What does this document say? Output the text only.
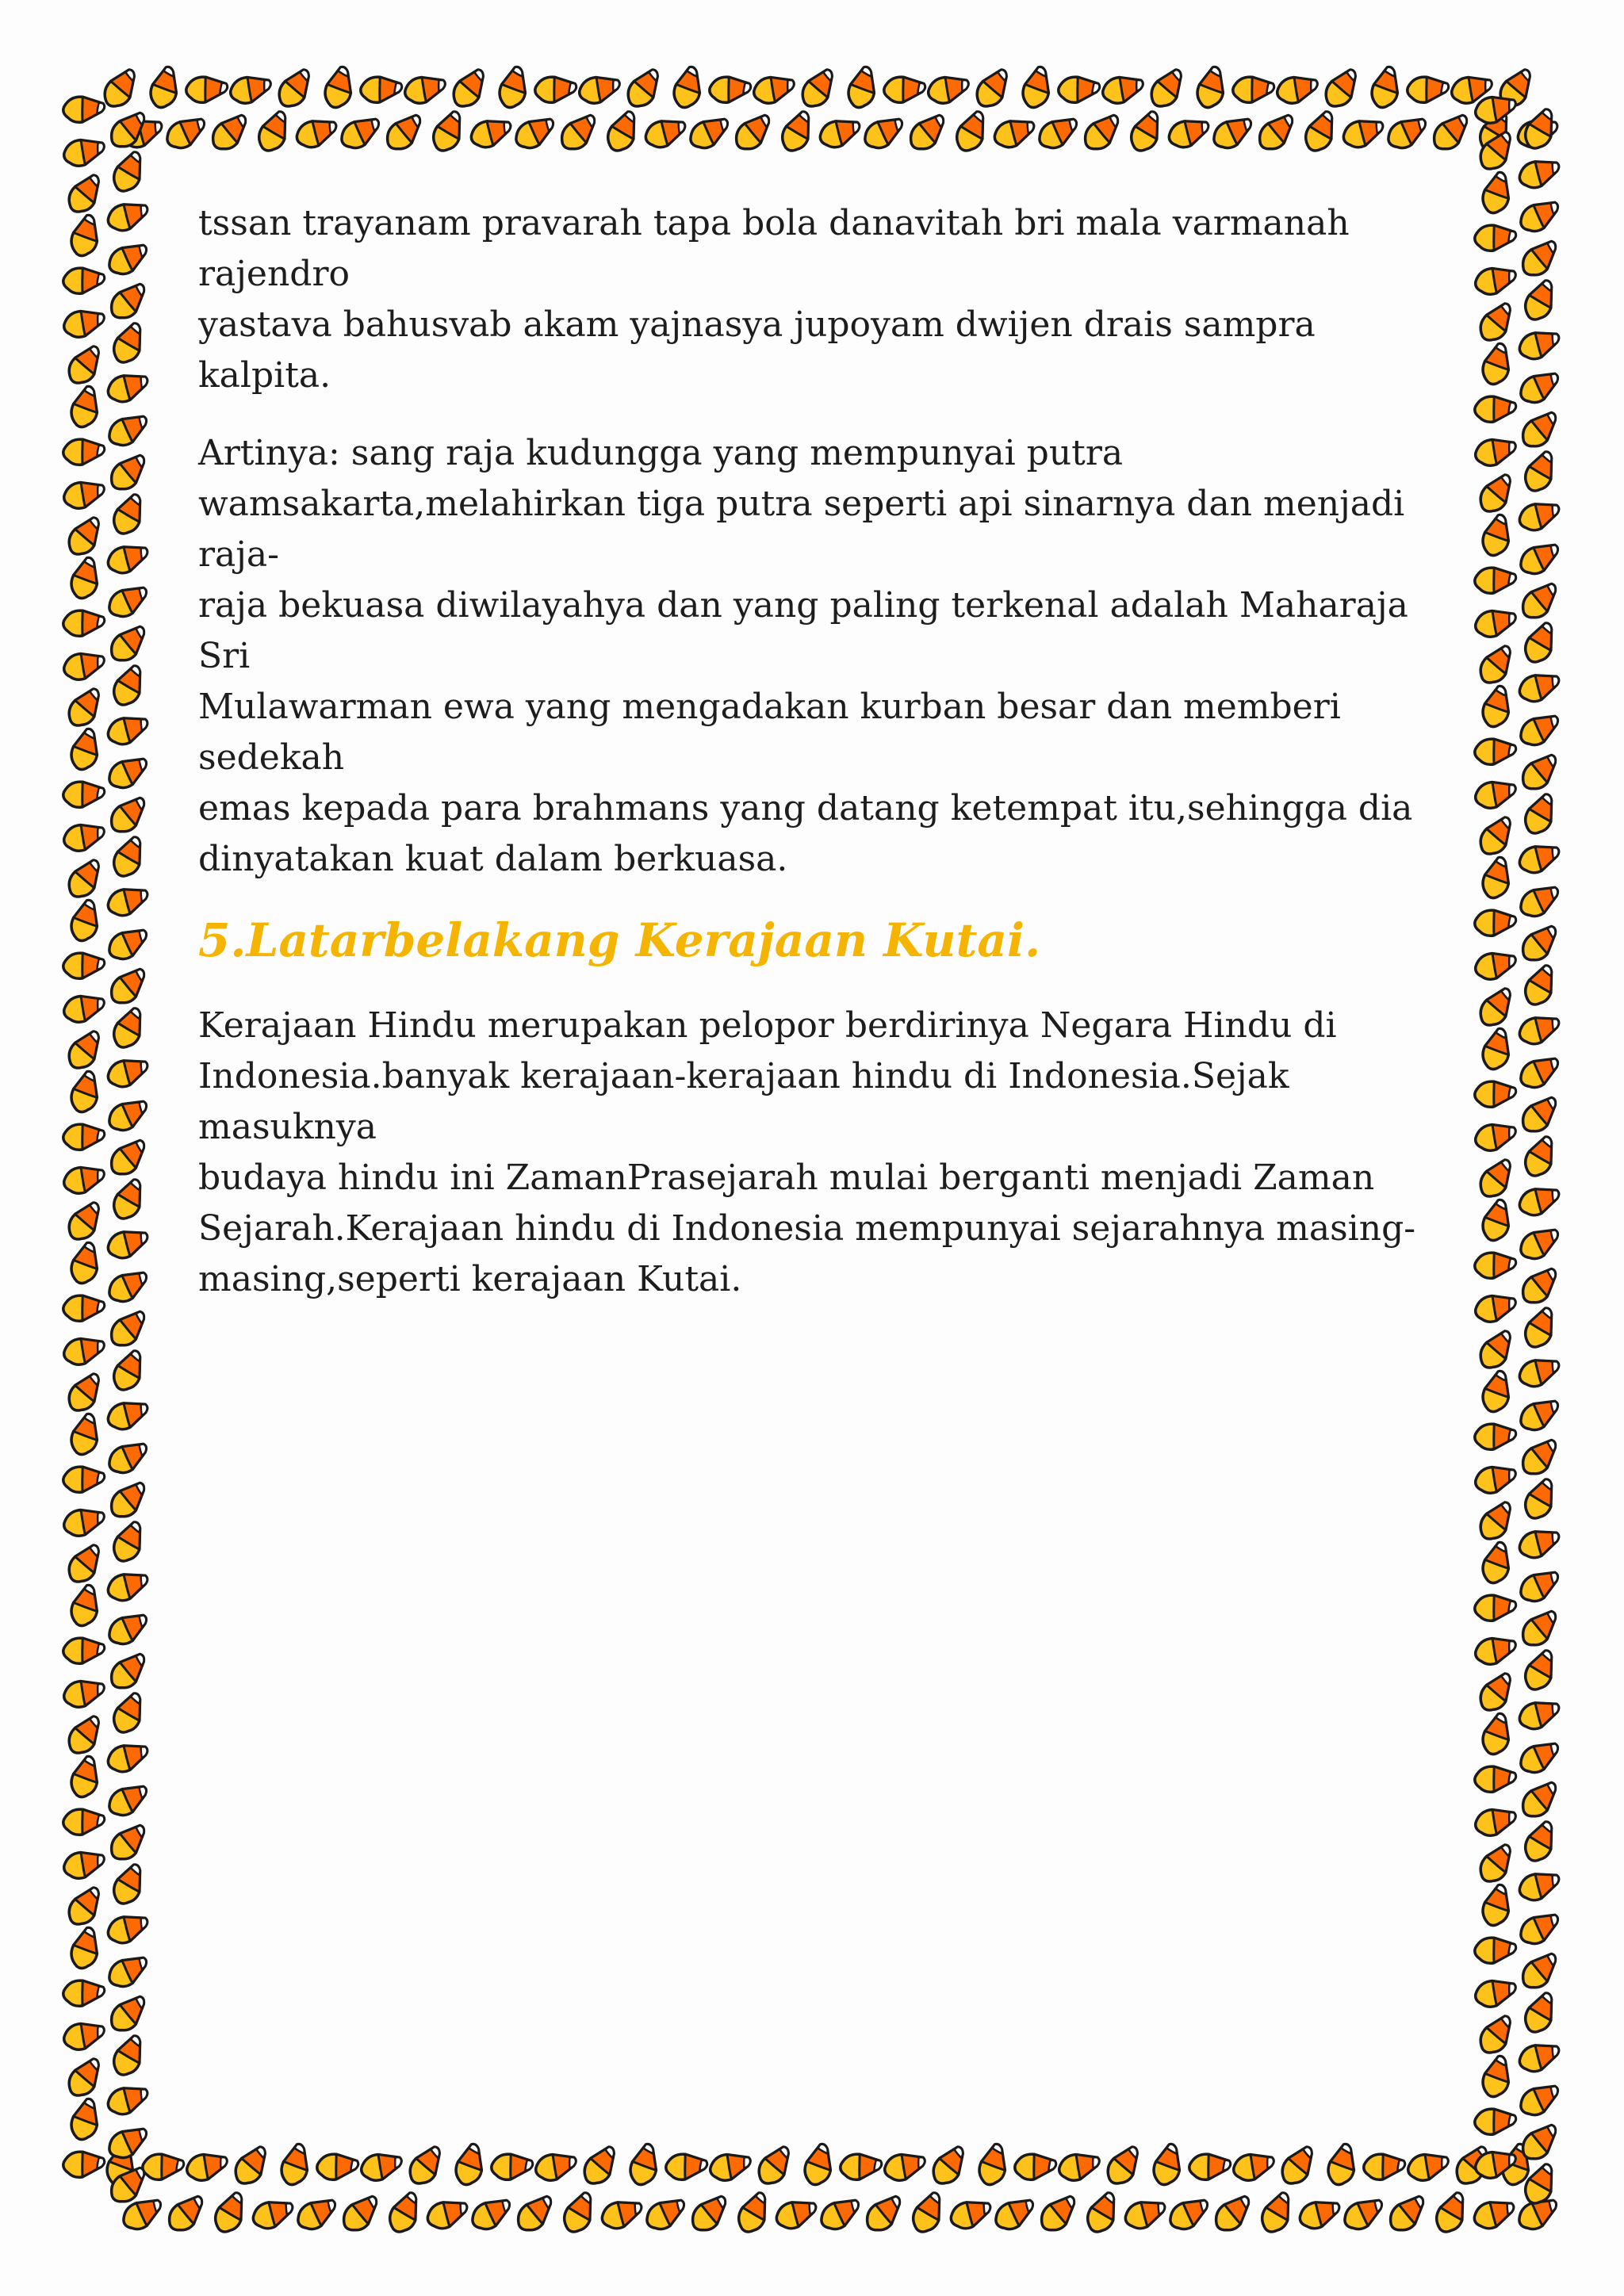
tssan trayanam pravarah tapa bola danavitah bri mala varmanah rajendro
yastava bahusvab akam yajnasya jupoyam dwijen drais sampra kalpita.

Artinya: sang raja kudungga yang mempunyai putra
wamsakarta,melahirkan tiga putra seperti api sinarnya dan menjadi raja-
raja bekuasa diwilayahya dan yang paling terkenal adalah Maharaja Sri
Mulawarman ewa yang mengadakan kurban besar dan memberi sedekah
emas kepada para brahmans yang datang ketempat itu,sehingga dia
dinyatakan kuat dalam berkuasa.

5.Latarbelakang Kerajaan Kutai.

Kerajaan Hindu merupakan pelopor berdirinya Negara Hindu di
Indonesia.banyak kerajaan-kerajaan hindu di Indonesia.Sejak masuknya
budaya hindu ini ZamanPrasejarah mulai berganti menjadi Zaman
Sejarah.Kerajaan hindu di Indonesia mempunyai sejarahnya masing-
masing,seperti kerajaan Kutai.
